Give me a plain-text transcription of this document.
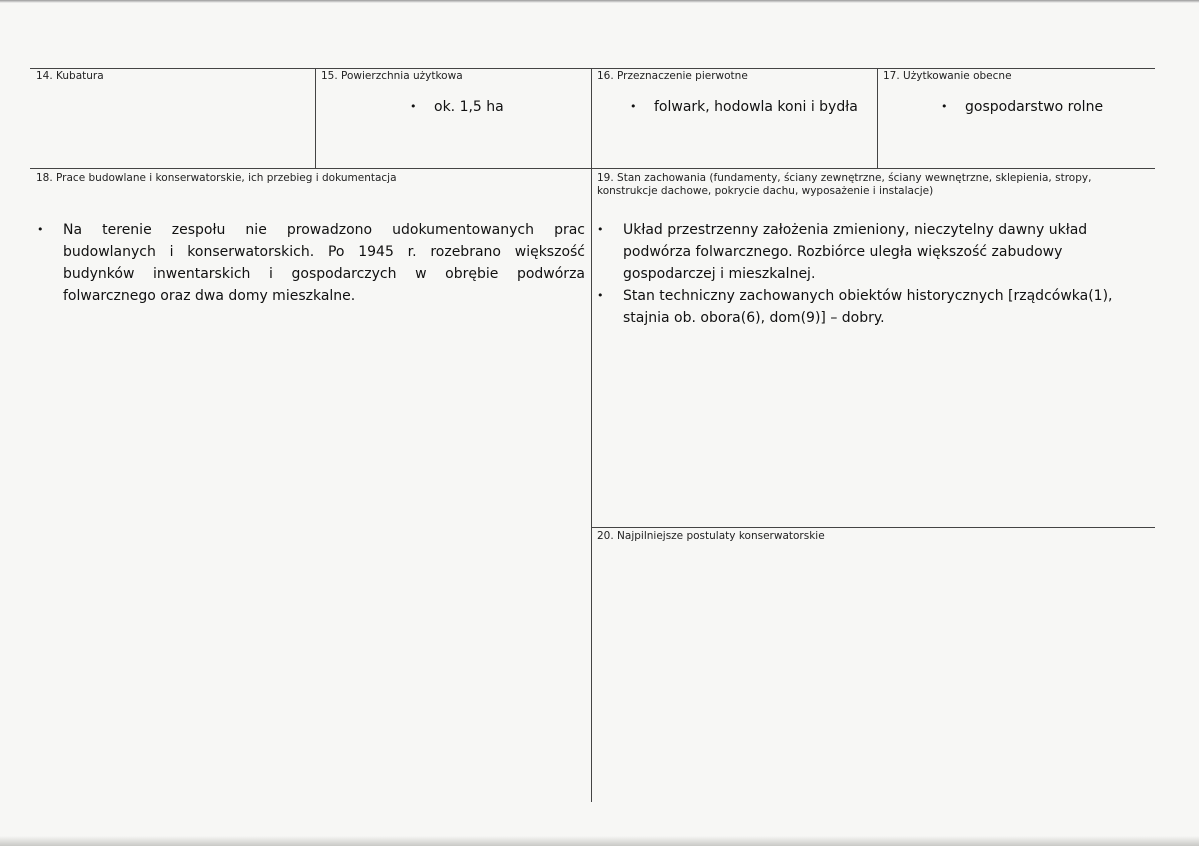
14. Kubatura	15. Powierzchnia użytkowa
• ok. 1,5 ha
16. Przeznaczenie pierwotne
• folwark, hodowla koni i bydła
17. Użytkowanie obecne
• gospodarstwo rolne
18. Prace budowlane i konserwatorskie, ich przebieg i dokumentacja
• Na terenie zespołu nie prowadzono udokumentowanych prac budowlanych i konserwatorskich. Po 1945 r. rozebrano większość budynków inwentarskich i gospodarczych w obrębie podwórza folwarcznego oraz dwa domy mieszkalne.
19. Stan zachowania (fundamenty, ściany zewnętrzne, ściany wewnętrzne, sklepienia, stropy, konstrukcje dachowe, pokrycie dachu, wyposażenie i instalacje)
• Układ przestrzenny założenia zmieniony, nieczytelny dawny układ podwórza folwarcznego. Rozbiórce uległa większość zabudowy gospodarczej i mieszkalnej.
• Stan techniczny zachowanych obiektów historycznych [rządcówka(1), stajnia ob. obora(6), dom(9)] – dobry.
20. Najpilniejsze postulaty konserwatorskie
